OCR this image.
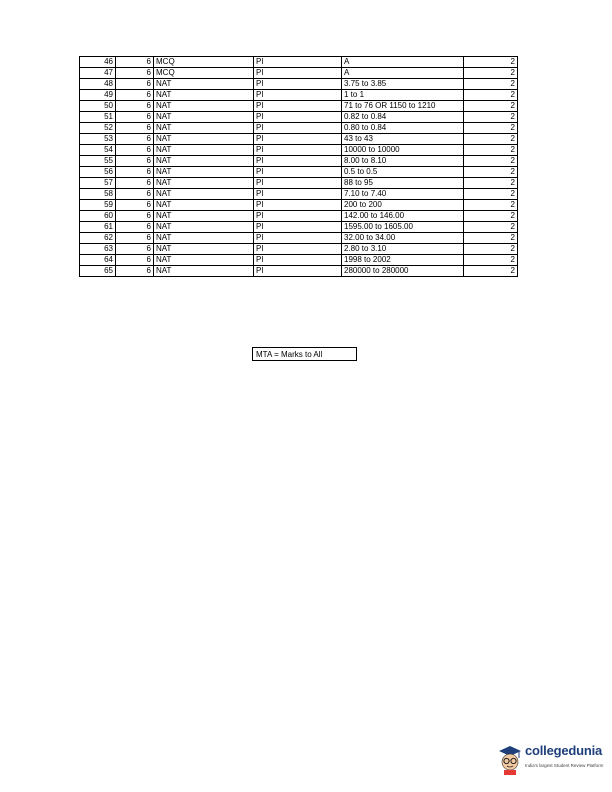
46	6	MCQ	PI	A	2
47	6	MCQ	PI	A	2
48	6	NAT	PI	3.75 to 3.85	2
49	6	NAT	PI	1 to 1	2
50	6	NAT	PI	71 to 76 OR 1150 to 1210	2
51	6	NAT	PI	0.82 to 0.84	2
52	6	NAT	PI	0.80 to 0.84	2
53	6	NAT	PI	43 to 43	2
54	6	NAT	PI	10000 to 10000	2
55	6	NAT	PI	8.00 to 8.10	2
56	6	NAT	PI	0.5 to 0.5	2
57	6	NAT	PI	88 to 95	2
58	6	NAT	PI	7.10 to 7.40	2
59	6	NAT	PI	200 to 200	2
60	6	NAT	PI	142.00 to 146.00	2
61	6	NAT	PI	1595.00 to 1605.00	2
62	6	NAT	PI	32.00 to 34.00	2
63	6	NAT	PI	2.80 to 3.10	2
64	6	NAT	PI	1998 to 2002	2
65	6	NAT	PI	280000 to 280000	2
MTA = Marks to All
collegedunia
India's largest Student Review Platform
